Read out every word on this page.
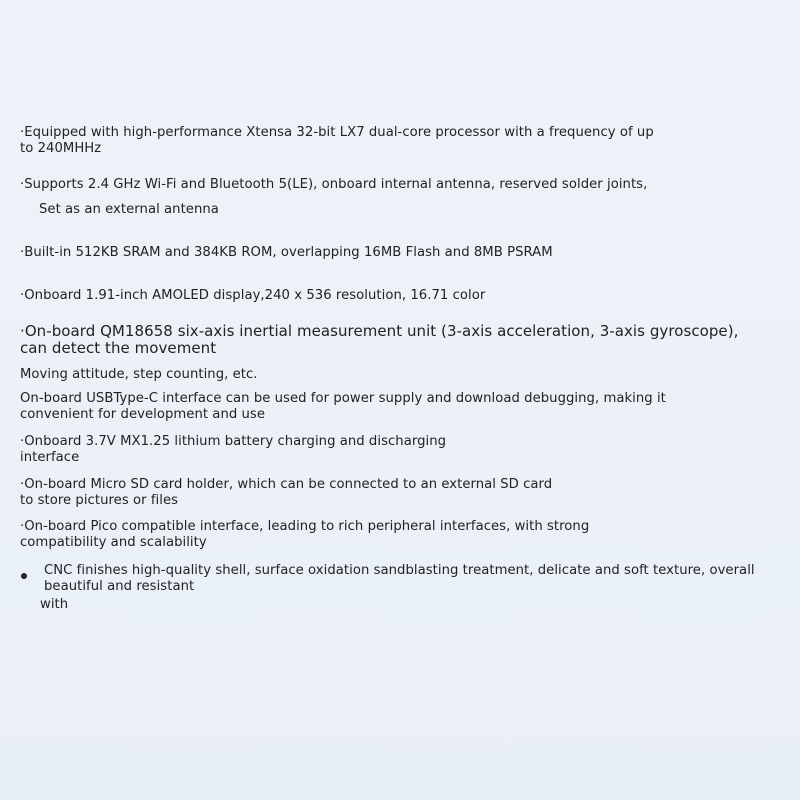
·Equipped with high-performance Xtensa 32-bit LX7 dual-core processor with a frequency of up
to 240MHHz

·Supports 2.4 GHz Wi-Fi and Bluetooth 5(LE), onboard internal antenna, reserved solder joints,

Set as an external antenna

·Built-in 512KB SRAM and 384KB ROM, overlapping 16MB Flash and 8MB PSRAM

·Onboard 1.91-inch AMOLED display,240 x 536 resolution, 16.71 color

·On-board QM18658 six-axis inertial measurement unit (3-axis acceleration, 3-axis gyroscope),
can detect the movement

Moving attitude, step counting, etc.

On-board USBType-C interface can be used for power supply and download debugging, making it
convenient for development and use

·Onboard 3.7V MX1.25 lithium battery charging and discharging
interface

·On-board Micro SD card holder, which can be connected to an external SD card
to store pictures or files

·On-board Pico compatible interface, leading to rich peripheral interfaces, with strong
compatibility and scalability

CNC finishes high-quality shell, surface oxidation sandblasting treatment, delicate and soft texture, overall
beautiful and resistant

with
